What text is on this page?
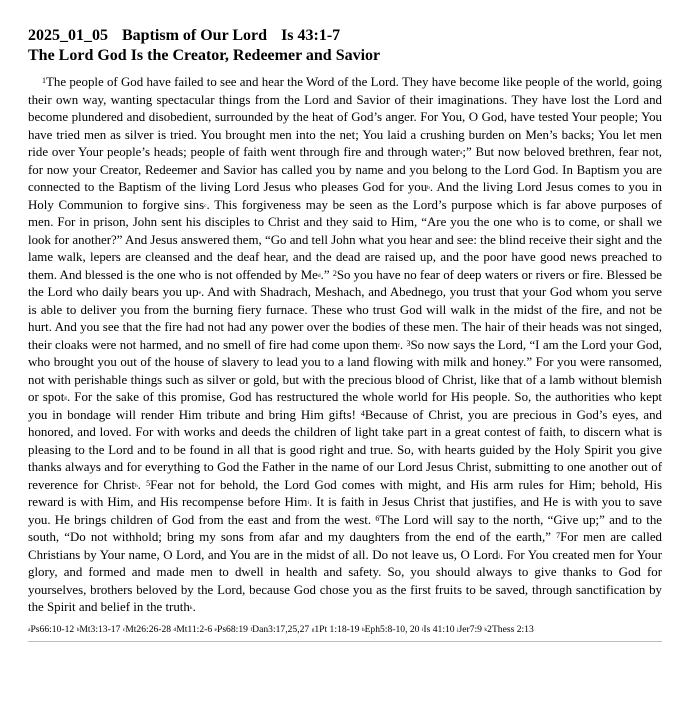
2025_01_05 Baptism of Our Lord Is 43:1-7

The Lord God Is the Creator, Redeemer and Savior

$^1$The people of God have failed to see and hear the Word of the Lord. They have become like people of the world, going their own way, wanting spectacular things from the Lord and Savior of their imaginations. They have lost the Lord and become plundered and disobedient, surrounded by the heat of God’s anger. For You, O God, have tested Your people; You have tried men as silver is tried. You brought men into the net; You laid a crushing burden on Men’s backs; You let men ride over Your people’s heads; people of faith went through fire and through water$^a$;” But now beloved brethren, fear not, for now your Creator, Redeemer and Savior has called you by name and you belong to the Lord God. In Baptism you are connected to the Baptism of the living Lord Jesus who pleases God for you$^b$. And the living Lord Jesus comes to you in Holy Communion to forgive sins$^c$. This forgiveness may be seen as the Lord’s purpose which is far above purposes of men. For in prison, John sent his disciples to Christ and they said to Him, “Are you the one who is to come, or shall we look for another?” And Jesus answered them, “Go and tell John what you hear and see: the blind receive their sight and the lame walk, lepers are cleansed and the deaf hear, and the dead are raised up, and the poor have good news preached to them. And blessed is the one who is not offended by Me$^d$.” $^2$So you have no fear of deep waters or rivers or fire. Blessed be the Lord who daily bears you $up^e$. And with Shadrach, Meshach, and Abednego, you trust that your God whom you serve is able to deliver you from the burning fiery furnace. These who trust God will walk in the midst of the fire, and not be hurt. And you see that the fire had not had any power over the bodies of these men. The hair of their heads was not singed, their cloaks were not harmed, and no smell of fire had come upon them$^f$. $^3$So now says the Lord, “I am the Lord your God, who brought you out of the house of slavery to lead you to a land flowing with milk and honey.” For you were ransomed, not with perishable things such as silver or gold, but with the precious blood of Christ, like that of a lamb without blemish or spot$^g$. For the sake of this promise, God has restructured the whole world for His people. So, the authorities who kept you in bondage will render Him tribute and bring Him gifts! $^4$Because of Christ, you are precious in God’s eyes, and honored, and loved. For with works and deeds the children of light take part in a great contest of faith, to discern what is pleasing to the Lord and to be found in all that is good right and true. So, with hearts guided by the Holy Spirit you give thanks always and for everything to God the Father in the name of our Lord Jesus Christ, submitting to one another out of reverence for Christ$^h$. $^5$Fear not for behold, the Lord God comes with might, and His arm rules for Him; behold, His reward is with Him, and His recompense before Him$^i$. It is faith in Jesus Christ that justifies, and He is with you to save you. He brings children of God from the east and from the west. $^6$The Lord will say to the north, “Give up;” and to the south, “Do not withhold; bring my sons from afar and my daughters from the end of the earth,” $^7$For men are called Christians by Your name, O Lord, and You are in the midst of all. Do not leave us, O Lord$^j$. For You created men for Your glory, and formed and made men to dwell in health and safety. So, you should always to give thanks to God for yourselves, brothers beloved by the Lord, because God chose you as the first fruits to be saved, through sanctification by the Spirit and belief in the truth$^k$.
$^a$Ps66:10-12 $^b$Mt3:13-17 $^c$Mt26:26-28 $^d$Mt11:2-6 $^e$Ps68:19 $^f$Dan3:17,25,27 $^g$1Pt 1:18-19 $^h$Eph5:8-10, 20 $^i$Is 41:10 $^j$Jer7:9 $^k$2Thess 2:13
